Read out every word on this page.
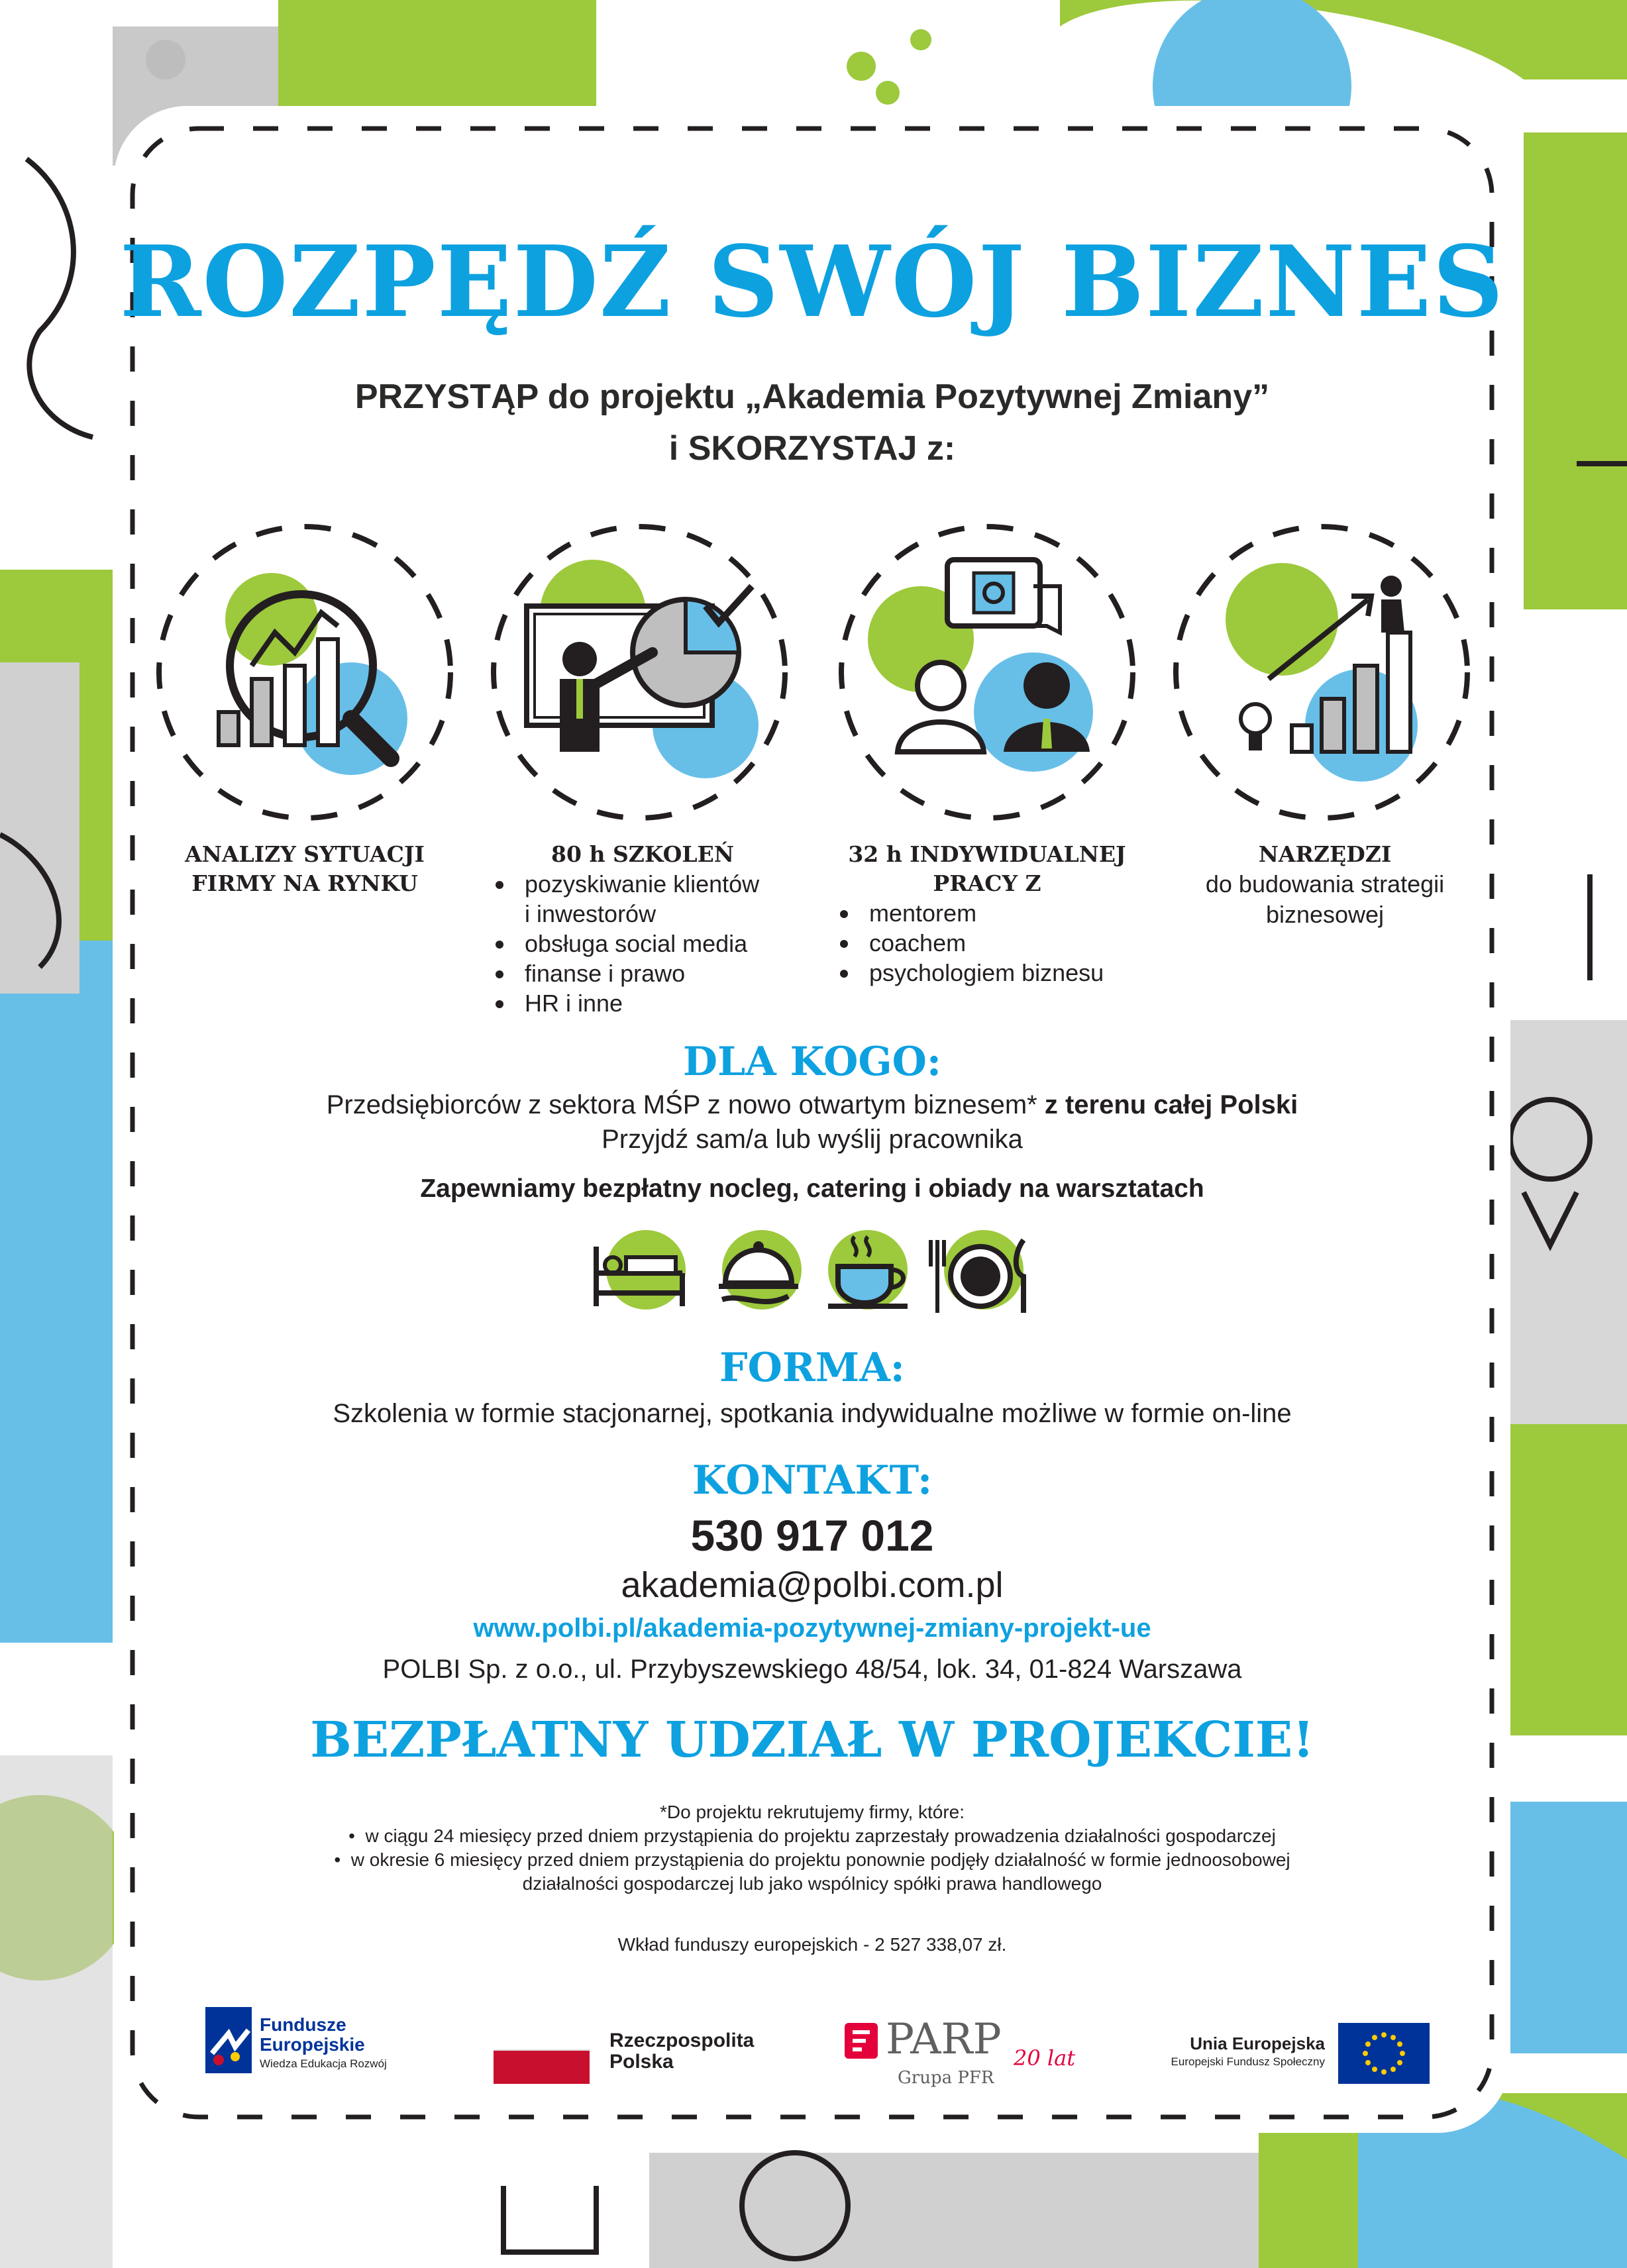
ROZPĘDŹ SWÓJ BIZNES
PRZYSTĄP do projektu „Akademia Pozytywnej Zmiany”
i SKORZYSTAJ z:
ANALIZY SYTUACJI
FIRMY NA RYNKU
80 h SZKOLEŃ
pozyskiwanie klientów
i inwestorów
obsługa social media
finanse i prawo
HR i inne
32 h INDYWIDUALNEJ
PRACY Z
mentorem
coachem
psychologiem biznesu
NARZĘDZI
do budowania strategii
biznesowej
DLA KOGO:
Przedsiębiorców z sektora MŚP z nowo otwartym biznesem* z terenu całej Polski
Przyjdź sam/a lub wyślij pracownika
Zapewniamy bezpłatny nocleg, catering i obiady na warsztatach
FORMA:
Szkolenia w formie stacjonarnej, spotkania indywidualne możliwe w formie on-line
KONTAKT:
530 917 012
akademia@polbi.com.pl
www.polbi.pl/akademia-pozytywnej-zmiany-projekt-ue
POLBI Sp. z o.o., ul. Przybyszewskiego 48/54, lok. 34, 01-824 Warszawa
BEZPŁATNY UDZIAŁ W PROJEKCIE!
*Do projektu rekrutujemy firmy, które:
•  w ciągu 24 miesięcy przed dniem przystąpienia do projektu zaprzestały prowadzenia działalności gospodarczej
•  w okresie 6 miesięcy przed dniem przystąpienia do projektu ponownie podjęły działalność w formie jednoosobowej
działalności gospodarczej lub jako wspólnicy spółki prawa handlowego
Wkład funduszy europejskich - 2 527 338,07 zł.
Fundusze
Europejskie
Wiedza Edukacja Rozwój
Rzeczpospolita
Polska	PARP 20 lat
Grupa PFR
Unia Europejska
Europejski Fundusz Społeczny
